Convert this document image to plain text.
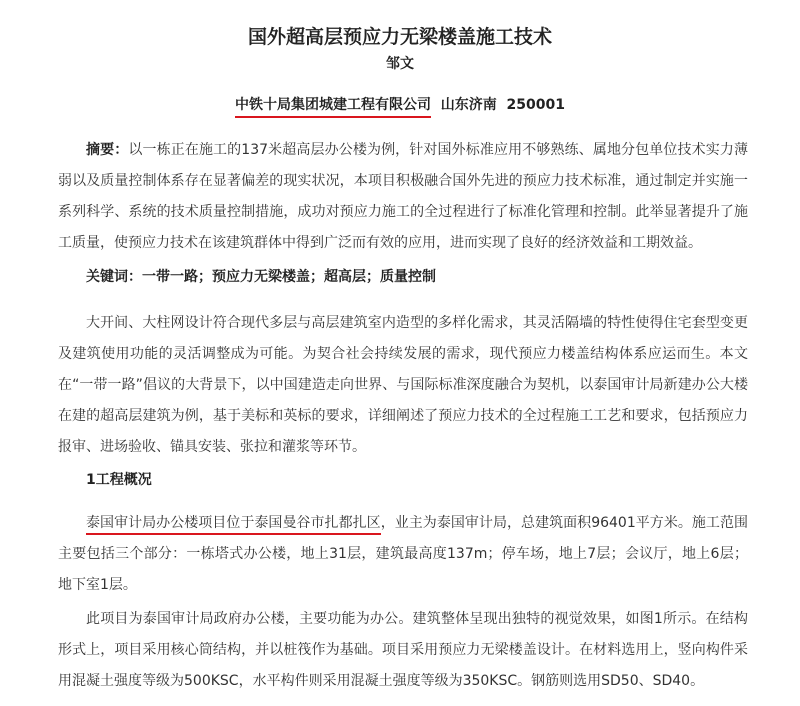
国外超高层预应力无梁楼盖施工技术
邹文
中铁十局集团城建工程有限公司 山东济南 250001

摘要：以一栋正在施工的137米超高层办公楼为例，针对国外标准应用不够熟练、属地分包单位技术实力薄弱以及质量控制体系存在显著偏差的现实状况，本项目积极融合国外先进的预应力技术标准，通过制定并实施一系列科学、系统的技术质量控制措施，成功对预应力施工的全过程进行了标准化管理和控制。此举显著提升了施工质量，使预应力技术在该建筑群体中得到广泛而有效的应用，进而实现了良好的经济效益和工期效益。

关键词：一带一路；预应力无梁楼盖；超高层；质量控制

大开间、大柱网设计符合现代多层与高层建筑室内造型的多样化需求，其灵活隔墙的特性使得住宅套型变更及建筑使用功能的灵活调整成为可能。为契合社会持续发展的需求，现代预应力楼盖结构体系应运而生。本文在“一带一路”倡议的大背景下，以中国建造走向世界、与国际标准深度融合为契机，以泰国审计局新建办公大楼在建的超高层建筑为例，基于美标和英标的要求，详细阐述了预应力技术的全过程施工工艺和要求，包括预应力报审、进场验收、锚具安装、张拉和灌浆等环节。

1工程概况

泰国审计局办公楼项目位于泰国曼谷市扎都扎区，业主为泰国审计局，总建筑面积96401平方米。施工范围主要包括三个部分：一栋塔式办公楼，地上31层，建筑最高度137m；停车场，地上7层；会议厅，地上6层；地下室1层。

此项目为泰国审计局政府办公楼，主要功能为办公。建筑整体呈现出独特的视觉效果，如图1所示。在结构形式上，项目采用核心筒结构，并以桩筏作为基础。项目采用预应力无梁楼盖设计。在材料选用上，竖向构件采用混凝土强度等级为500KSC，水平构件则采用混凝土强度等级为350KSC。钢筋则选用SD50、SD40。
